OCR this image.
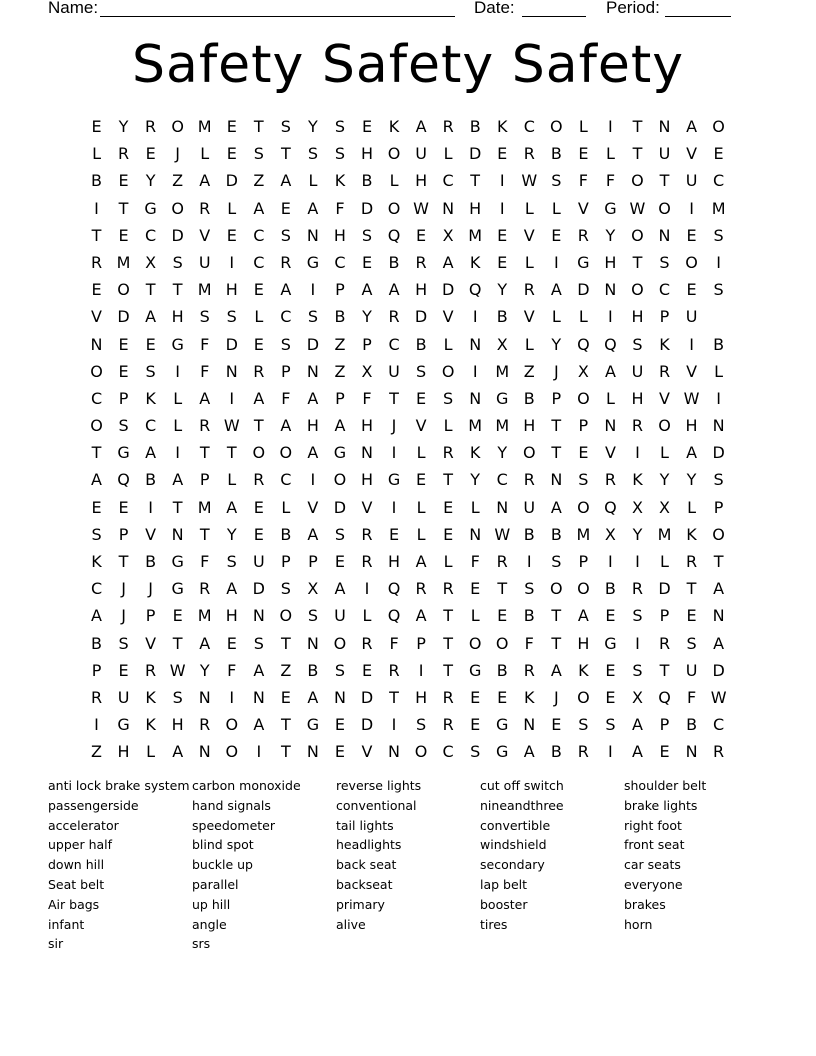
Name:	Date:	Period:
Safety Safety Safety
E	Y	R O M E	T	S	Y	S	E	K	A	R	B	K	C O	L	I	T	N A O
L	R	E	J	L	E	S	T	S	S H O U	L	D E	R	B	E	L	T	U V	E
B	E	Y	Z	A D Z	A	L	K	B	L	H C	T	I	W S	F	F	O T	U C
I	T G O R	L	A	E	A	F	D O W N H	I	L	L	V G W O	I	M
T	E	C D V	E	C	S N H S Q E	X M E	V	E	R	Y O N	E	S
R M X	S	U	I	C R G C	E	B R	A	K	E	L	I	G H	T	S O	I
E O T	T M H E	A	I	P	A	A H D Q Y	R	A D N O C	E	S
V D A H S	S	L	C	S	B	Y	R D V	I	B	V	L	L	I	H	P	U
N	E	E G	F	D E	S D Z	P	C B	L	N X	L	Y Q Q S	K	I	B
O E	S	I	F	N R	P	N Z	X U	S O	I	M Z	J	X	A U R	V	L
C	P	K	L	A	I	A	F	A	P	F	T	E	S N G B	P O	L	H V W	I
O S	C	L	R W T	A H A H	J	V	L M M H	T	P	N R O H N
T G A	I	T	T O O A G N	I	L	R	K	Y O T	E	V	I	L	A D
A Q B	A	P	L	R C	I	O H G E	T	Y	C R N S	R	K	Y	Y	S
E	E	I	T M A	E	L	V D V	I	L	E	L	N U A O Q X	X	L	P
S	P	V N	T	Y	E	B	A	S	R	E	L	E	N W B	B M X	Y M K O
K	T	B G	F	S	U	P	P	E	R H A	L	F	R	I	S	P	I	I	L	R	T
C	J	J	G R	A D S	X	A	I	Q R R	E	T	S O O B R D T	A
A	J	P	E M H N O S	U	L	Q A	T	L	E	B	T	A	E	S	P	E	N
B	S	V	T	A	E	S	T	N O R	F	P	T O O	F	T	H G	I	R	S	A
P	E	R W Y	F	A	Z	B	S	E	R	I	T G B R	A	K	E	S	T	U D
R U K	S N	I	N	E	A N D T	H R	E	E	K	J	O E	X Q	F W
I	G K H R O A	T G E D	I	S	R	E G N	E	S	S	A	P	B C
Z H	L	A N O	I	T	N	E	V N O C	S G A	B R	I	A	E	N R
anti lock brake system
passengerside
accelerator
upper half
down hill
Seat belt
Air bags
infant
sir
carbon monoxide
hand signals
speedometer
blind spot
buckle up
parallel
up hill
angle
srs
reverse lights
conventional
tail lights
headlights
back seat
backseat
primary
alive
cut off switch
nineandthree
convertible
windshield
secondary
lap belt
booster
tires
shoulder belt
brake lights
right foot
front seat
car seats
everyone
brakes
horn
